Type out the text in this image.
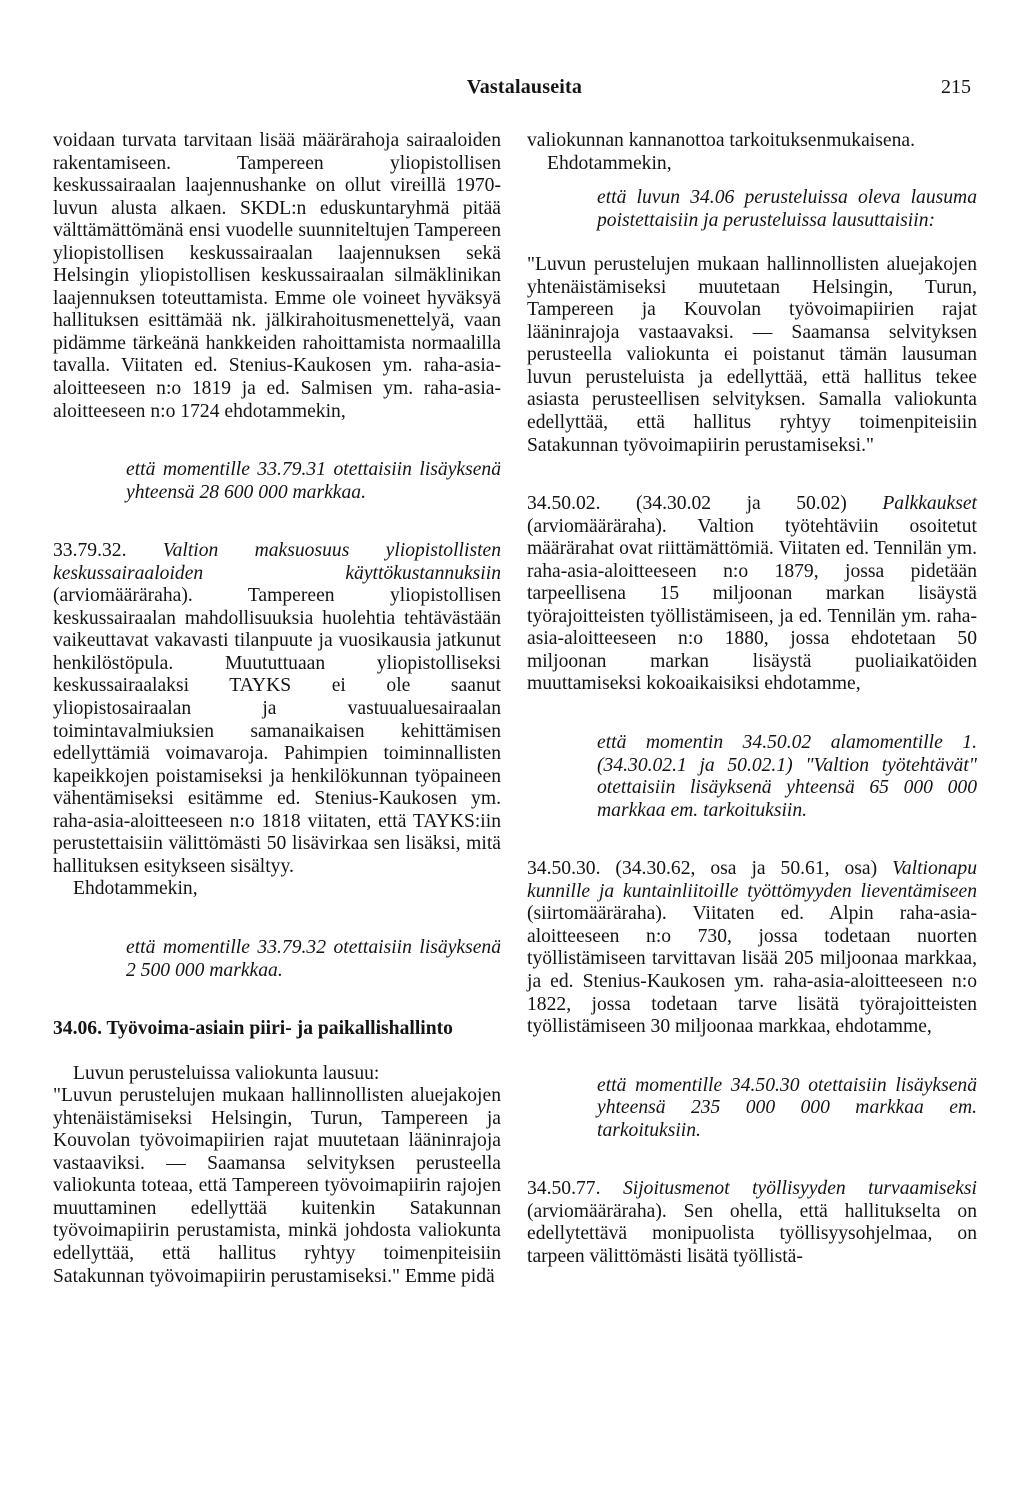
Vastalauseita	215

voidaan turvata tarvitaan lisää määrärahoja sairaaloiden rakentamiseen. Tampereen yliopistollisen keskussairaalan laajennushanke on ollut vireillä 1970-luvun alusta alkaen. SKDL:n eduskuntaryhmä pitää välttämättömänä ensi vuodelle suunniteltujen Tampereen yliopistollisen keskussairaalan laajennuksen sekä Helsingin yliopistollisen keskussairaalan silmäklinikan laajennuksen toteuttamista. Emme ole voineet hyväksyä hallituksen esittämää nk. jälkirahoitusmenettelyä, vaan pidämme tärkeänä hankkeiden rahoittamista normaalilla tavalla. Viitaten ed. Stenius-Kaukosen ym. raha-asia-aloitteeseen n:o 1819 ja ed. Salmisen ym. raha-asia-aloitteeseen n:o 1724 ehdotammekin,

että momentille 33.79.31 otettaisiin lisäyksenä yhteensä 28 600 000 markkaa.

33.79.32. Valtion maksuosuus yliopistollisten keskussairaaloiden käyttökustannuksiin (arviomääräraha). Tampereen yliopistollisen keskussairaalan mahdollisuuksia huolehtia tehtävästään vaikeuttavat vakavasti tilanpuute ja vuosikausia jatkunut henkilöstöpula. Muututtuaan yliopistolliseksi keskussairaalaksi TAYKS ei ole saanut yliopistosairaalan ja vastuualuesairaalan toimintavalmiuksien samanaikaisen kehittämisen edellyttämiä voimavaroja. Pahimpien toiminnallisten kapeikkojen poistamiseksi ja henkilökunnan työpaineen vähentämiseksi esitämme ed. Stenius-Kaukosen ym. raha-asia-aloitteeseen n:o 1818 viitaten, että TAYKS:iin perustettaisiin välittömästi 50 lisävirkaa sen lisäksi, mitä hallituksen esitykseen sisältyy.

Ehdotammekin,

että momentille 33.79.32 otettaisiin lisäyksenä 2 500 000 markkaa.

34.06. Työvoima-asiain piiri- ja paikallishallinto

Luvun perusteluissa valiokunta lausuu:

"Luvun perustelujen mukaan hallinnollisten aluejakojen yhtenäistämiseksi Helsingin, Turun, Tampereen ja Kouvolan työvoimapiirien rajat muutetaan lääninrajoja vastaaviksi. — Saamansa selvityksen perusteella valiokunta toteaa, että Tampereen työvoimapiirin rajojen muuttaminen edellyttää kuitenkin Satakunnan työvoimapiirin perustamista, minkä johdosta valiokunta edellyttää, että hallitus ryhtyy toimenpiteisiin Satakunnan työvoimapiirin perustamiseksi." Emme pidä

valiokunnan kannanottoa tarkoituksenmukaisena.

Ehdotammekin,

että luvun 34.06 perusteluissa oleva lausuma poistettaisiin ja perusteluissa lausuttaisiin:

"Luvun perustelujen mukaan hallinnollisten aluejakojen yhtenäistämiseksi muutetaan Helsingin, Turun, Tampereen ja Kouvolan työvoimapiirien rajat lääninrajoja vastaavaksi. — Saamansa selvityksen perusteella valiokunta ei poistanut tämän lausuman luvun perusteluista ja edellyttää, että hallitus tekee asiasta perusteellisen selvityksen. Samalla valiokunta edellyttää, että hallitus ryhtyy toimenpiteisiin Satakunnan työvoimapiirin perustamiseksi."

34.50.02. (34.30.02 ja 50.02) Palkkaukset (arviomääräraha). Valtion työtehtäviin osoitetut määrärahat ovat riittämättömiä. Viitaten ed. Tennilän ym. raha-asia-aloitteeseen n:o 1879, jossa pidetään tarpeellisena 15 miljoonan markan lisäystä työrajoitteisten työllistämiseen, ja ed. Tennilän ym. raha-asia-aloitteeseen n:o 1880, jossa ehdotetaan 50 miljoonan markan lisäystä puoliaikatöiden muuttamiseksi kokoaikaisiksi ehdotamme,

että momentin 34.50.02 alamomentille 1. (34.30.02.1 ja 50.02.1) "Valtion työtehtävät" otettaisiin lisäyksenä yhteensä 65 000 000 markkaa em. tarkoituksiin.

34.50.30. (34.30.62, osa ja 50.61, osa) Valtionapu kunnille ja kuntainliitoille työttömyyden lieventämiseen (siirtomääräraha). Viitaten ed. Alpin raha-asia-aloitteeseen n:o 730, jossa todetaan nuorten työllistämiseen tarvittavan lisää 205 miljoonaa markkaa, ja ed. Stenius-Kaukosen ym. raha-asia-aloitteeseen n:o 1822, jossa todetaan tarve lisätä työrajoitteisten työllistämiseen 30 miljoonaa markkaa, ehdotamme,

että momentille 34.50.30 otettaisiin lisäyksenä yhteensä 235 000 000 markkaa em. tarkoituksiin.

34.50.77. Sijoitusmenot työllisyyden turvaamiseksi (arviomääräraha). Sen ohella, että hallitukselta on edellytettävä monipuolista työllisyysohjelmaa, on tarpeen välittömästi lisätä työllistä-
